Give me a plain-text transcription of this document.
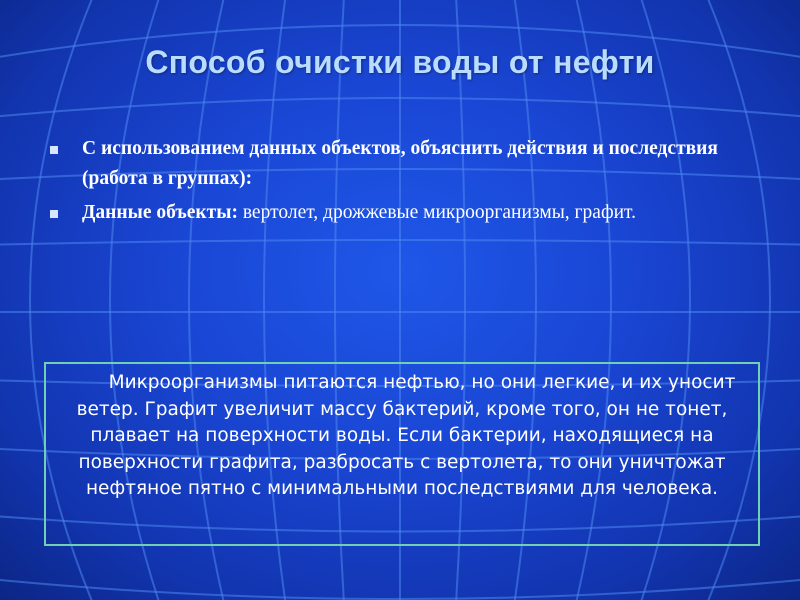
Способ очистки воды от нефти
С использованием данных объектов, объяснить действия и последствия (работа в группах):
Данные объекты: вертолет, дрожжевые микроорганизмы, графит.

Микроорганизмы питаются нефтью, но они легкие, и их уносит ветер. Графит увеличит массу бактерий, кроме того, он не тонет, плавает на поверхности воды. Если бактерии, находящиеся на поверхности графита, разбросать с вертолета, то они уничтожат нефтяное пятно с минимальными последствиями для человека.
